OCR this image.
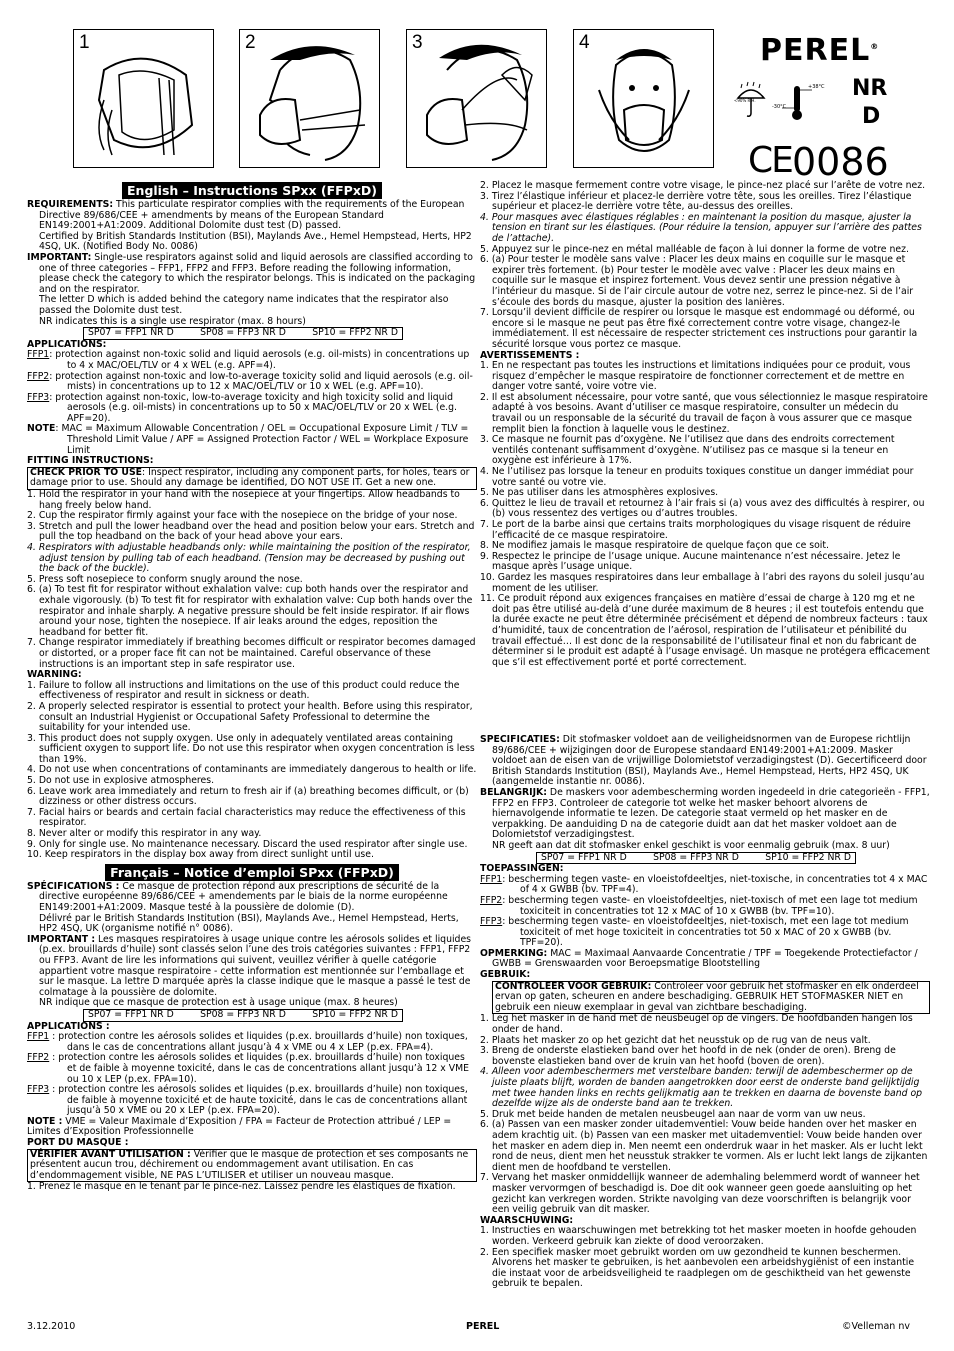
1	2	3	4	PEREL®
<90% R.H.
+38°C
-30°C
NR
D
CE 0086
English – Instructions SPxx (FFPxD)

REQUIREMENTS: This particulate respirator complies with the requirements of the European Directive 89/686/CEE + amendments by means of the European Standard EN149:2001+A1:2009. Additional Dolomite dust test (D) passed.

Certified by British Standards Institution (BSI), Maylands Ave., Hemel Hempstead, Herts, HP2 4SQ, UK. (Notified Body No. 0086)

IMPORTANT: Single-use respirators against solid and liquid aerosols are classified according to one of three categories – FFP1, FFP2 and FFP3. Before reading the following information, please check the category to which the respirator belongs. This is indicated on the packaging and on the respirator.

The letter D which is added behind the category name indicates that the respirator also passed the Dolomite dust test.

NR indicates this is a single use respirator (max. 8 hours)

SP07 = FFP1 NR D	SP08 = FFP3 NR D	SP10 = FFP2 NR D

APPLICATIONS:

FFP1: protection against non-toxic solid and liquid aerosols (e.g. oil-mists) in concentrations up to 4 x MAC/OEL/TLV or 4 x WEL (e.g. APF=4).

FFP2: protection against non-toxic and low-to-average toxicity solid and liquid aerosols (e.g. oil-mists) in concentrations up to 12 x MAC/OEL/TLV or 10 x WEL (e.g. APF=10).

FFP3: protection against non-toxic, low-to-average toxicity and high toxicity solid and liquid aerosols (e.g. oil-mists) in concentrations up to 50 x MAC/OEL/TLV or 20 x WEL (e.g. APF=20).

NOTE: MAC = Maximum Allowable Concentration / OEL = Occupational Exposure Limit / TLV = Threshold Limit Value / APF = Assigned Protection Factor / WEL = Workplace Exposure Limit

FITTING INSTRUCTIONS:

CHECK PRIOR TO USE: Inspect respirator, including any component parts, for holes, tears or damage prior to use. Should any damage be identified, DO NOT USE IT. Get a new one.

1. Hold the respirator in your hand with the nosepiece at your fingertips. Allow headbands to hang freely below hand.

2. Cup the respirator firmly against your face with the nosepiece on the bridge of your nose.

3. Stretch and pull the lower headband over the head and position below your ears. Stretch and pull the top headband on the back of your head above your ears.

4. Respirators with adjustable headbands only: while maintaining the position of the respirator, adjust tension by pulling tab of each headband. (Tension may be decreased by pushing out the back of the buckle).

5. Press soft nosepiece to conform snugly around the nose.

6. (a) To test fit for respirator without exhalation valve: cup both hands over the respirator and exhale vigorously. (b) To test fit for respirator with exhalation valve: Cup both hands over the respirator and inhale sharply. A negative pressure should be felt inside respirator. If air flows around your nose, tighten the nosepiece. If air leaks around the edges, reposition the headband for better fit.

7. Change respirator immediately if breathing becomes difficult or respirator becomes damaged or distorted, or a proper face fit can not be maintained. Careful observance of these instructions is an important step in safe respirator use.

WARNING:

1. Failure to follow all instructions and limitations on the use of this product could reduce the effectiveness of respirator and result in sickness or death.

2. A properly selected respirator is essential to protect your health. Before using this respirator, consult an Industrial Hygienist or Occupational Safety Professional to determine the suitability for your intended use.

3. This product does not supply oxygen. Use only in adequately ventilated areas containing sufficient oxygen to support life. Do not use this respirator when oxygen concentration is less than 19%.

4. Do not use when concentrations of contaminants are immediately dangerous to health or life.

5. Do not use in explosive atmospheres.

6. Leave work area immediately and return to fresh air if (a) breathing becomes difficult, or (b) dizziness or other distress occurs.

7. Facial hairs or beards and certain facial characteristics may reduce the effectiveness of this respirator.

8. Never alter or modify this respirator in any way.

9. Only for single use. No maintenance necessary. Discard the used respirator after single use.

10. Keep respirators in the display box away from direct sunlight until use.

Français – Notice d’emploi SPxx (FFPxD)

SPÉCIFICATIONS : Ce masque de protection répond aux prescriptions de sécurité de la directive européenne 89/686/CEE + amendements par le biais de la norme européenne EN149:2001+A1:2009. Masque testé à la poussière de dolomie (D).

Délivré par le British Standards Institution (BSI), Maylands Ave., Hemel Hempstead, Herts, HP2 4SQ, UK (organisme notifié n° 0086).

IMPORTANT : Les masques respiratoires à usage unique contre les aérosols solides et liquides (p.ex. brouillards d’huile) sont classés selon l’une des trois catégories suivantes : FFP1, FFP2 ou FFP3. Avant de lire les informations qui suivent, veuillez vérifier à quelle catégorie appartient votre masque respiratoire - cette information est mentionnée sur l’emballage et sur le masque. La lettre D marquée après la classe indique que le masque a passé le test de colmatage à la poussière de dolomite.

NR indique que ce masque de protection est à usage unique (max. 8 heures)

SP07 = FFP1 NR D	SP08 = FFP3 NR D	SP10 = FFP2 NR D

APPLICATIONS :

FFP1 : protection contre les aérosols solides et liquides (p.ex. brouillards d’huile) non toxiques, dans le cas de concentrations allant jusqu’à 4 x VME ou 4 x LEP (p.ex. FPA=4).

FFP2 : protection contre les aérosols solides et liquides (p.ex. brouillards d’huile) non toxiques et de faible à moyenne toxicité, dans le cas de concentrations allant jusqu’à 12 x VME ou 10 x LEP (p.ex. FPA=10).

FFP3 : protection contre les aérosols solides et liquides (p.ex. brouillards d’huile) non toxiques, de faible à moyenne toxicité et de haute toxicité, dans le cas de concentrations allant jusqu’à 50 x VME ou 20 x LEP (p.ex. FPA=20).

NOTE : VME = Valeur Maximale d’Exposition / FPA = Facteur de Protection attribué / LEP = Limites d’Exposition Professionnelle

PORT DU MASQUE :

VÉRIFIER AVANT UTILISATION : Vérifier que le masque de protection et ses composants ne présentent aucun trou, déchirement ou endommagement avant utilisation. En cas d’endommagement visible, NE PAS L’UTILISER et utiliser un nouveau masque.

1. Prenez le masque en le tenant par le pince-nez. Laissez pendre les élastiques de fixation.

2. Placez le masque fermement contre votre visage, le pince-nez placé sur l’arête de votre nez.

3. Tirez l’élastique inférieur et placez-le derrière votre tête, sous les oreilles. Tirez l’élastique supérieur et placez-le derrière votre tête, au-dessus des oreilles.

4. Pour masques avec élastiques réglables : en maintenant la position du masque, ajuster la tension en tirant sur les élastiques. (Pour réduire la tension, appuyer sur l’arrière des pattes de l’attache).

5. Appuyez sur le pince-nez en métal malléable de façon à lui donner la forme de votre nez.

6. (a) Pour tester le modèle sans valve : Placer les deux mains en coquille sur le masque et expirer très fortement. (b) Pour tester le modèle avec valve : Placer les deux mains en coquille sur le masque et inspirez fortement. Vous devez sentir une pression négative à l’intérieur du masque. Si de l’air circule autour de votre nez, serrez le pince-nez. Si de l’air s’écoule des bords du masque, ajuster la position des lanières.

7. Lorsqu’il devient difficile de respirer ou lorsque le masque est endommagé ou déformé, ou encore si le masque ne peut pas être fixé correctement contre votre visage, changez-le immédiatement. Il est nécessaire de respecter strictement ces instructions pour garantir la sécurité lorsque vous portez ce masque.

AVERTISSEMENTS :

1. En ne respectant pas toutes les instructions et limitations indiquées pour ce produit, vous risquez d’empêcher le masque respiratoire de fonctionner correctement et de mettre en danger votre santé, voire votre vie.

2. Il est absolument nécessaire, pour votre santé, que vous sélectionniez le masque respiratoire adapté à vos besoins. Avant d’utiliser ce masque respiratoire, consulter un médecin du travail ou un responsable de la sécurité du travail de façon à vous assurer que ce masque remplit bien la fonction à laquelle vous le destinez.

3. Ce masque ne fournit pas d’oxygène. Ne l’utilisez que dans des endroits correctement ventilés contenant suffisamment d’oxygène. N’utilisez pas ce masque si la teneur en oxygène est inférieure à 17%.

4. Ne l’utilisez pas lorsque la teneur en produits toxiques constitue un danger immédiat pour votre santé ou votre vie.

5. Ne pas utiliser dans les atmosphères explosives.

6. Quittez le lieu de travail et retournez à l’air frais si (a) vous avez des difficultés à respirer, ou (b) vous ressentez des vertiges ou d’autres troubles.

7. Le port de la barbe ainsi que certains traits morphologiques du visage risquent de réduire l’efficacité de ce masque respiratoire.

8. Ne modifiez jamais le masque respiratoire de quelque façon que ce soit.

9. Respectez le principe de l’usage unique. Aucune maintenance n’est nécessaire. Jetez le masque après l’usage unique.

10. Gardez les masques respiratoires dans leur emballage à l’abri des rayons du soleil jusqu’au moment de les utiliser.

11. Ce produit répond aux exigences françaises en matière d’essai de charge à 120 mg et ne doit pas être utilisé au-delà d’une durée maximum de 8 heures ; il est toutefois entendu que la durée exacte ne peut être déterminée précisément et dépend de nombreux facteurs : taux d’humidité, taux de concentration de l’aérosol, respiration de l’utilisateur et pénibilité du travail effectué… Il est donc de la responsabilité de l’utilisateur final et non du fabricant de déterminer si le produit est adapté à l’usage envisagé. Un masque ne protégera efficacement que s’il est effectivement porté et porté correctement.

SPECIFICATIES: Dit stofmasker voldoet aan de veiligheidsnormen van de Europese richtlijn 89/686/CEE + wijzigingen door de Europese standaard EN149:2001+A1:2009. Masker voldoet aan de eisen van de vrijwillige Dolomietstof verzadigingstest (D). Gecertificeerd door British Standards Institution (BSI), Maylands Ave., Hemel Hempstead, Herts, HP2 4SQ, UK (aangemelde instantie nr. 0086).

BELANGRIJK: De maskers voor adembescherming worden ingedeeld in drie categorieën - FFP1, FFP2 en FFP3. Controleer de categorie tot welke het masker behoort alvorens de hiernavolgende informatie te lezen. De categorie staat vermeld op het masker en de verpakking. De aanduiding D na de categorie duidt aan dat het masker voldoet aan de Dolomietstof verzadigingstest.

NR geeft aan dat dit stofmasker enkel geschikt is voor eenmalig gebruik (max. 8 uur)

SP07 = FFP1 NR D	SP08 = FFP3 NR D	SP10 = FFP2 NR D

TOEPASSINGEN:

FFP1: bescherming tegen vaste- en vloeistofdeeltjes, niet-toxische, in concentraties tot 4 x MAC of 4 x GWBB (bv. TPF=4).

FFP2: bescherming tegen vaste- en vloeistofdeeltjes, niet-toxisch of met een lage tot medium toxiciteit in concentraties tot 12 x MAC of 10 x GWBB (bv. TPF=10).

FFP3: bescherming tegen vaste- en vloeistofdeeltjes, niet-toxisch, met een lage tot medium toxiciteit of met hoge toxiciteit in concentraties tot 50 x MAC of 20 x GWBB (bv. TPF=20).

OPMERKING: MAC = Maximaal Aanvaarde Concentratie / TPF = Toegekende Protectiefactor / GWBB = Grenswaarden voor Beroepsmatige Blootstelling

GEBRUIK:

CONTROLEER VOOR GEBRUIK: Controleer voor gebruik het stofmasker en elk onderdeel ervan op gaten, scheuren en andere beschadiging. GEBRUIK HET STOFMASKER NIET en gebruik een nieuw exemplaar in geval van zichtbare beschadiging.

1. Leg het masker in de hand met de neusbeugel op de vingers. De hoofdbanden hangen los onder de hand.

2. Plaats het masker zo op het gezicht dat het neusstuk op de rug van de neus valt.

3. Breng de onderste elastieken band over het hoofd in de nek (onder de oren). Breng de bovenste elastieken band over de kruin van het hoofd (boven de oren).

4. Alleen voor adembeschermers met verstelbare banden: terwijl de adembeschermer op de juiste plaats blijft, worden de banden aangetrokken door eerst de onderste band gelijktijdig met twee handen links en rechts gelijkmatig aan te trekken en daarna de bovenste band op dezelfde wijze als de onderste band aan te trekken.

5. Druk met beide handen de metalen neusbeugel aan naar de vorm van uw neus.

6. (a) Passen van een masker zonder uitademventiel: Vouw beide handen over het masker en adem krachtig uit. (b) Passen van een masker met uitademventiel: Vouw beide handen over het masker en adem diep in. Men neemt een onderdruk waar in het masker. Als er lucht lekt rond de neus, dient men het neusstuk strakker te vormen. Als er lucht lekt langs de zijkanten dient men de hoofdband te verstellen.

7. Vervang het masker onmiddellijk wanneer de ademhaling belemmerd wordt of wanneer het masker vervormgen of beschadigd is. Doe dit ook wanneer geen goede aansluiting op het gezicht kan verkregen worden. Strikte navolging van deze voorschriften is belangrijk voor een veilig gebruik van dit masker.

WAARSCHUWING:

1. Instructies en waarschuwingen met betrekking tot het masker moeten in hoofde gehouden worden. Verkeerd gebruik kan ziekte of dood veroorzaken.

2. Een specifiek masker moet gebruikt worden om uw gezondheid te kunnen beschermen. Alvorens het masker te gebruiken, is het aanbevolen een arbeidshygiënist of een instantie die instaat voor de arbeidsveiligheid te raadplegen om de geschiktheid van het gewenste gebruik te bepalen.

3.12.2010	PEREL	©Velleman nv
